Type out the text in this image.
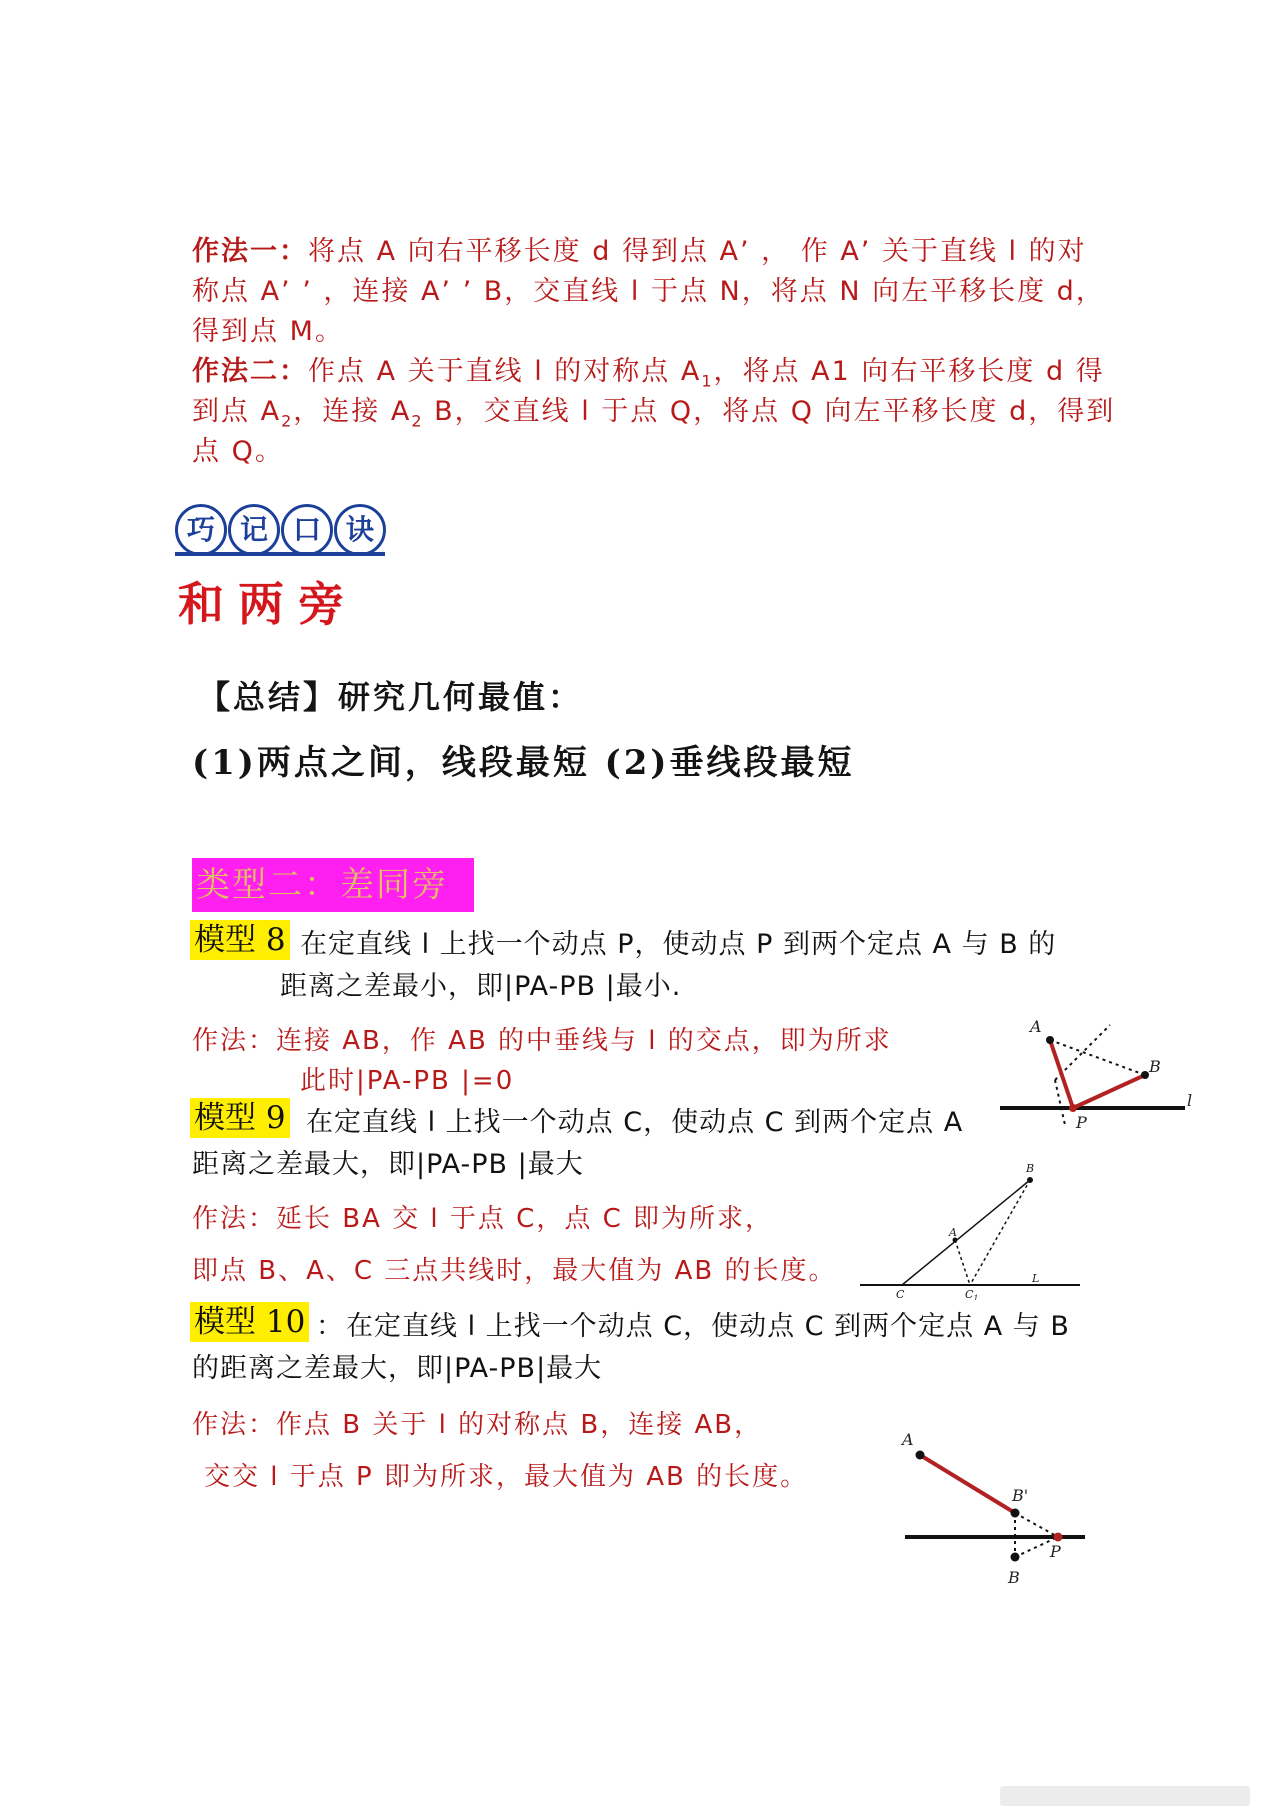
作法一：将点 A 向右平移长度 d 得到点 A’ ， 作 A’ 关于直线 l 的对
称点 A’ ’ ，连接 A’ ’ B，交直线 l 于点 N，将点 N 向左平移长度 d，
得到点 M。
作法二：作点 A 关于直线 l 的对称点 $A_1$，将点 A1 向右平移长度 d 得
到点 $A_2$，连接 $A_2$ B，交直线 l 于点 Q，将点 Q 向左平移长度 d，得到
点 Q。
巧 记 口 诀
和两旁
【总结】研究几何最值：
(1)两点之间，线段最短 (2)垂线段最短
类型二：差同旁
模型 8 在定直线 l 上找一个动点 P，使动点 P 到两个定点 A 与 B 的
距离之差最小，即|PA-PB |最小.
作法：连接 AB，作 AB 的中垂线与 l 的交点，即为所求
此时|PA-PB |=0
模型 9 在定直线 l 上找一个动点 C，使动点 C 到两个定点 A
距离之差最大，即|PA-PB |最大
作法：延长 BA 交 l 于点 C，点 C 即为所求，
即点 B、A、C 三点共线时，最大值为 AB 的长度。
模型 10 ： 在定直线 l 上找一个动点 C，使动点 C 到两个定点 A 与 B
的距离之差最大，即|PA-PB|最大
作法：作点 B 关于 l 的对称点 B，连接 AB，
交交 l 于点 P 即为所求，最大值为 AB 的长度。
A
B
P
l
B
A
C	$C_1$
L
A
B'
B
P
